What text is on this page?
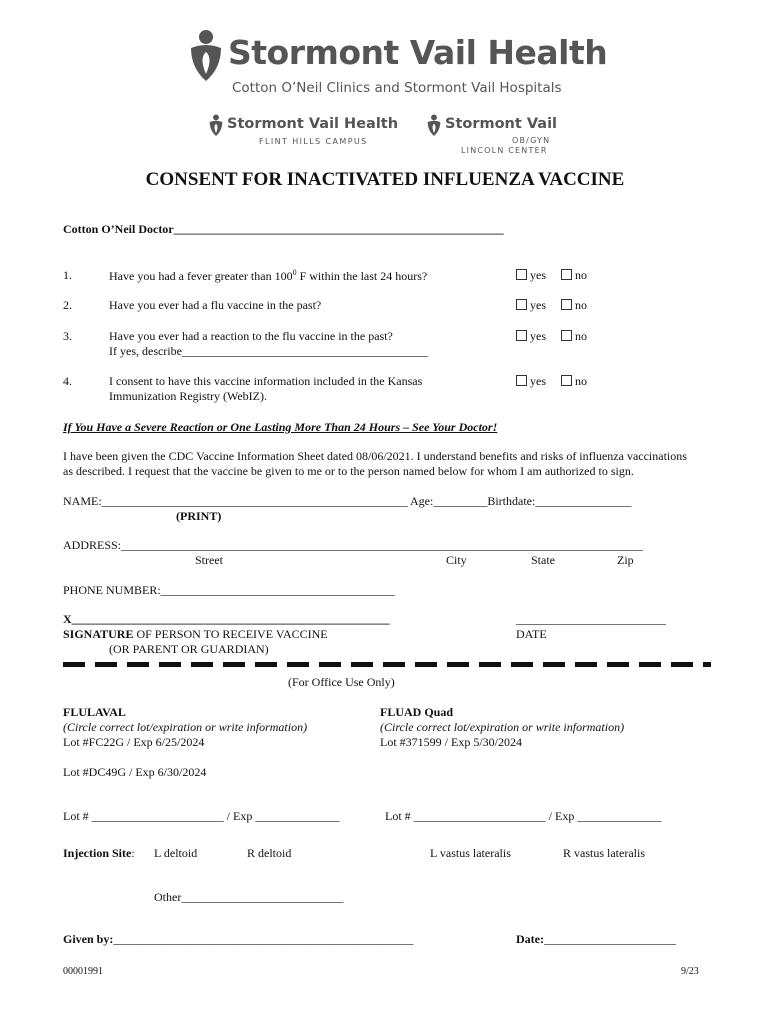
Stormont Vail Health
Cotton O’Neil Clinics and Stormont Vail Hospitals
Stormont Vail Health
FLINT HILLS CAMPUS
Stormont Vail
OB/GYN
LINCOLN CENTER
CONSENT FOR INACTIVATED INFLUENZA VACCINE
Cotton O’Neil Doctor_______________________________________________________
1.	Have you had a fever greater than $100^0$ F within the last 24 hours?	yes	no
2.	Have you ever had a flu vaccine in the past?	yes	no
3.	Have you ever had a reaction to the flu vaccine in the past?
If yes, describe_________________________________________
yes	no
4.	I consent to have this vaccine information included in the Kansas
Immunization Registry (WebIZ).
yes	no
If You Have a Severe Reaction or One Lasting More Than 24 Hours – See Your Doctor!
I have been given the CDC Vaccine Information Sheet dated 08/06/2021. I understand benefits and risks of influenza vaccinations
as described. I request that the vaccine be given to me or to the person named below for whom I am authorized to sign.
NAME:___________________________________________________ Age:_________Birthdate:________________
(PRINT)
ADDRESS:_______________________________________________________________________________________
Street	City	State	Zip
PHONE NUMBER:_______________________________________
X_____________________________________________________	_________________________
SIGNATURE OF PERSON TO RECEIVE VACCINE
(OR PARENT OR GUARDIAN)
DATE
(For Office Use Only)
FLULAVAL
(Circle correct lot/expiration or write information)
Lot #FC22G / Exp 6/25/2024
Lot #DC49G / Exp 6/30/2024
FLUAD Quad
(Circle correct lot/expiration or write information)
Lot #371599 / Exp 5/30/2024
Lot # ______________________ / Exp ______________	Lot # ______________________ / Exp ______________
Injection Site: L deltoid	R deltoid	L vastus lateralis	R vastus lateralis
Other___________________________
Given by:__________________________________________________	Date:______________________
00001991	9/23
